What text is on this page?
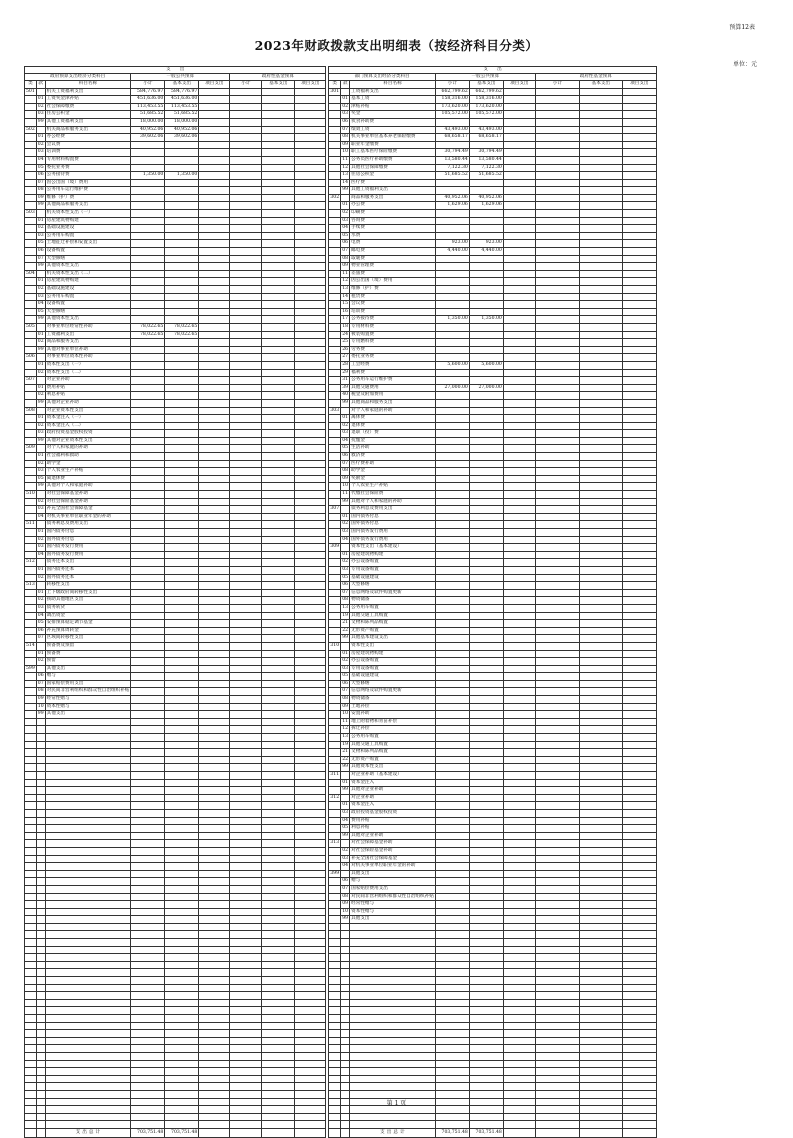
预算12表
2023年财政拨款支出明细表（按经济科目分类）
单位：元
支　　出								
政府预算支出经济分类科目			一般公共预算			政府性基金预算		
类	款	科目名称	小计	基本支出	项目支出	小计	基本支出	项目支出
501		机关工资福利支出	584,776.97	584,776.97				
	01	工资奖金津补贴	451,636.00	451,636.00				
	02	社会保障缴费	113,453.55	113,453.55				
	03	住房公积金	51,685.52	51,685.52				
	99	其他工资福利支出	18,000.00	18,000.00				
502		机关商品和服务支出	40,952.06	40,952.06				
	01	办公经费	39,602.06	39,602.06				
	02	会议费						
	03	培训费						
	04	专用材料购置费						
	05	委托业务费						
	06	公务接待费	1,350.00	1,350.00				
	07	因公出国（境）费用						
	08	公务用车运行维护费						
	09	维修（护）费						
	99	其他商品和服务支出						
503		机关资本性支出（一）						
	01	房屋建筑物购建						
	02	基础设施建设						
	03	公务用车购置						
	05	土地征迁补偿和安置支出						
	06	设备购置						
	07	大型修缮						
	99	其他资本性支出						
504		机关资本性支出（二）						
	01	房屋建筑物购建						
	02	基础设施建设						
	03	公务用车购置						
	04	设备购置						
	05	大型修缮						
	99	其他资本性支出						
505		对事业单位经常性补助	78,022.65	78,022.65				
	01	工资福利支出	78,022.65	78,022.65				
	02	商品和服务支出						
	99	其他对事业单位补助						
506		对事业单位资本性补助						
	01	资本性支出（一）						
	02	资本性支出（二）						
507		对企业补助						
	01	费用补贴						
	02	利息补贴						
	99	其他对企业补助						
508		对企业资本性支出						
	01	资本金注入（一）						
	02	资本金注入（二）						
	03	政府投资基金股权投资						
	99	其他对企业资本性支出						
509		对个人和家庭的补助						
	01	社会福利和救助						
	02	助学金						
	03	个人农业生产补贴						
	05	离退休费						
	99	其他对个人和家庭补助						
510		对社会保障基金补助						
	02	对社会保险基金补助						
	03	补充全国社会保障基金						
	04	对机关事业单位职业年金的补助						
511		债务利息及费用支出						
	01	国内债务付息						
	02	国外债务付息						
	03	国内债务发行费用						
	04	国外债务发行费用						
512		债务还本支出						
	01	国内债务还本						
	02	国外债务还本						
513		转移性支出						
	01	上下级政府间转移性支出						
	02	援助其他地区支出						
	03	债务转贷						
	04	调出资金						
	05	安排预算稳定调节基金						
	06	补充预算周转金						
	07	区域间转移性支出						
514		预备费及预留						
	01	预备费						
	02	预留						
599		其他支出						
	06	赠与						
	07	国家赔偿费用支出						
	08	对民间非营利组织和群众性自治组织补贴						
	09	经常性赠与						
	10	资本性赠与						
	99	其他支出						

		支 出 总 计	703,751.48	703,751.48				
支　　出								
部门预算支出经济分类科目			一般公共预算			政府性基金预算		
类	款	科目名称	小计	基本支出	项目支出	小计	基本支出	项目支出
301		工资福利支出	662,799.62	662,799.62				
	01	基本工资	158,316.00	158,316.00				
	02	津贴补贴	173,620.00	173,620.00				
	03	奖金	105,572.00	105,572.00				
	06	伙食补助费						
	07	绩效工资	43,493.00	43,493.00				
	08	机关事业单位基本养老保险缴费	68,658.17	68,658.17				
	09	职业年金缴费						
	10	职工基本医疗保险缴费	30,794.49	30,794.49				
	11	公务员医疗补助缴费	13,580.44	13,580.44				
	12	其他社会保障缴费	7,122.30	7,122.30				
	13	住房公积金	51,685.52	51,685.52				
	14	医疗费						
	99	其他工资福利支出						
302		商品和服务支出	40,952.06	40,952.06				
	01	办公费	1,629.06	1,629.06				
	02	印刷费						
	03	咨询费						
	04	手续费						
	05	水费						
	06	电费	923.00	923.00				
	07	邮电费	4,440.00	4,440.00				
	08	取暖费						
	09	物业管理费						
	11	差旅费						
	12	因公出国（境）费用						
	13	维修（护）费						
	14	租赁费						
	15	会议费						
	16	培训费						
	17	公务接待费	1,350.00	1,350.00				
	18	专用材料费						
	24	被装购置费						
	25	专用燃料费						
	26	劳务费						
	27	委托业务费						
	28	工会经费	5,600.00	5,600.00				
	29	福利费						
	31	公务用车运行维护费						
	39	其他交通费用	27,000.00	27,000.00				
	40	税金及附加费用						
	99	其他商品和服务支出						
303		对个人和家庭的补助						
	01	离休费						
	02	退休费						
	03	退职（役）费						
	04	抚恤金						
	05	生活补助						
	06	救济费						
	07	医疗费补助						
	08	助学金						
	09	奖励金						
	10	个人农业生产补贴						
	11	代缴社会保险费						
	99	其他对个人和家庭的补助						
307		债务利息及费用支出						
	01	国内债务付息						
	02	国外债务付息						
	03	国内债务发行费用						
	04	国外债务发行费用						
309		资本性支出（基本建设）						
	01	房屋建筑物购建						
	02	办公设备购置						
	03	专用设备购置						
	05	基础设施建设						
	06	大型修缮						
	07	信息网络及软件购置更新						
	08	物资储备						
	13	公务用车购置						
	19	其他交通工具购置						
	21	文物和陈列品购置						
	22	无形资产购置						
	99	其他基本建设支出						
310		资本性支出						
	01	房屋建筑物购建						
	02	办公设备购置						
	03	专用设备购置						
	05	基础设施建设						
	06	大型修缮						
	07	信息网络及软件购置更新						
	08	物资储备						
	09	土地补偿						
	10	安置补助						
	11	地上附着物和青苗补偿						
	12	拆迁补偿						
	13	公务用车购置						
	19	其他交通工具购置						
	21	文物和陈列品购置						
	22	无形资产购置						
	99	其他资本性支出						
311		对企业补助（基本建设）						
	01	资本金注入						
	99	其他对企业补助						
312		对企业补助						
	01	资本金注入						
	03	政府投资基金股权投资						
	04	费用补贴						
	05	利息补贴						
	99	其他对企业补助						
313		对社会保障基金补助						
	02	对社会保险基金补助						
	03	补充全国社会保障基金						
	04	对机关事业单位职业年金的补助						
399		其他支出						
	06	赠与						
	07	国家赔偿费用支出						
	08	对民间非营利组织和群众性自治组织补贴						
	09	经常性赠与						
	10	资本性赠与						
	99	其他支出						

		支 出 总 计	703,751.48	703,751.48				
第 1 页
